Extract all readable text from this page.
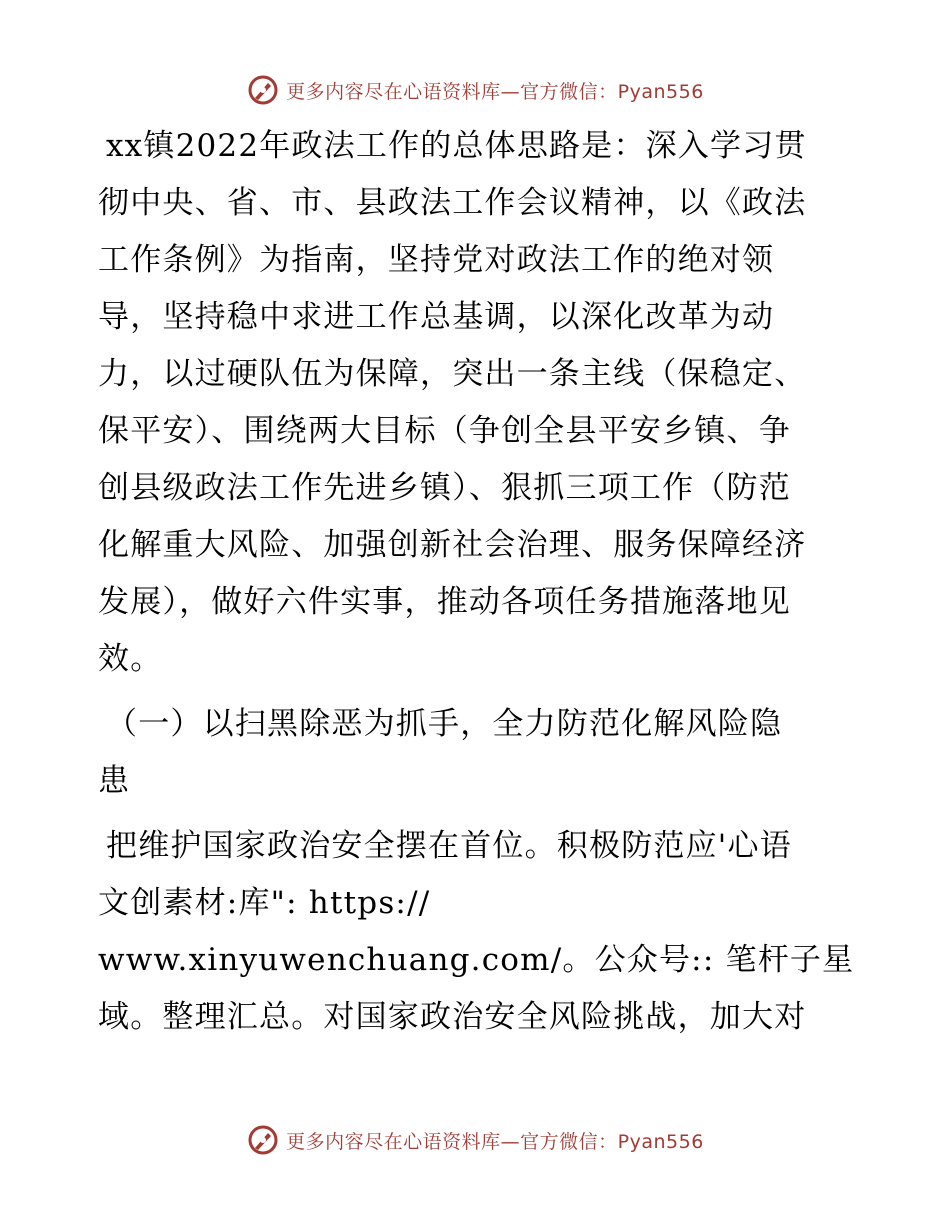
更多内容尽在心语资料库—官方微信：Pyan556
xx镇2022年政法工作的总体思路是：深入学习贯
彻中央、省、市、县政法工作会议精神，以《政法
工作条例》为指南，坚持党对政法工作的绝对领
导，坚持稳中求进工作总基调，以深化改革为动
力，以过硬队伍为保障，突出一条主线（保稳定、
保平安）、围绕两大目标（争创全县平安乡镇、争
创县级政法工作先进乡镇）、狠抓三项工作（防范
化解重大风险、加强创新社会治理、服务保障经济
发展），做好六件实事，推动各项任务措施落地见
效。
（一）以扫黑除恶为抓手，全力防范化解风险隐
患
把维护国家政治安全摆在首位。积极防范应'心语
文创素材:库": https://
www.xinyuwenchuang.com/。公众号:: 笔杆子星
域。整理汇总。对国家政治安全风险挑战，加大对
更多内容尽在心语资料库—官方微信：Pyan556
